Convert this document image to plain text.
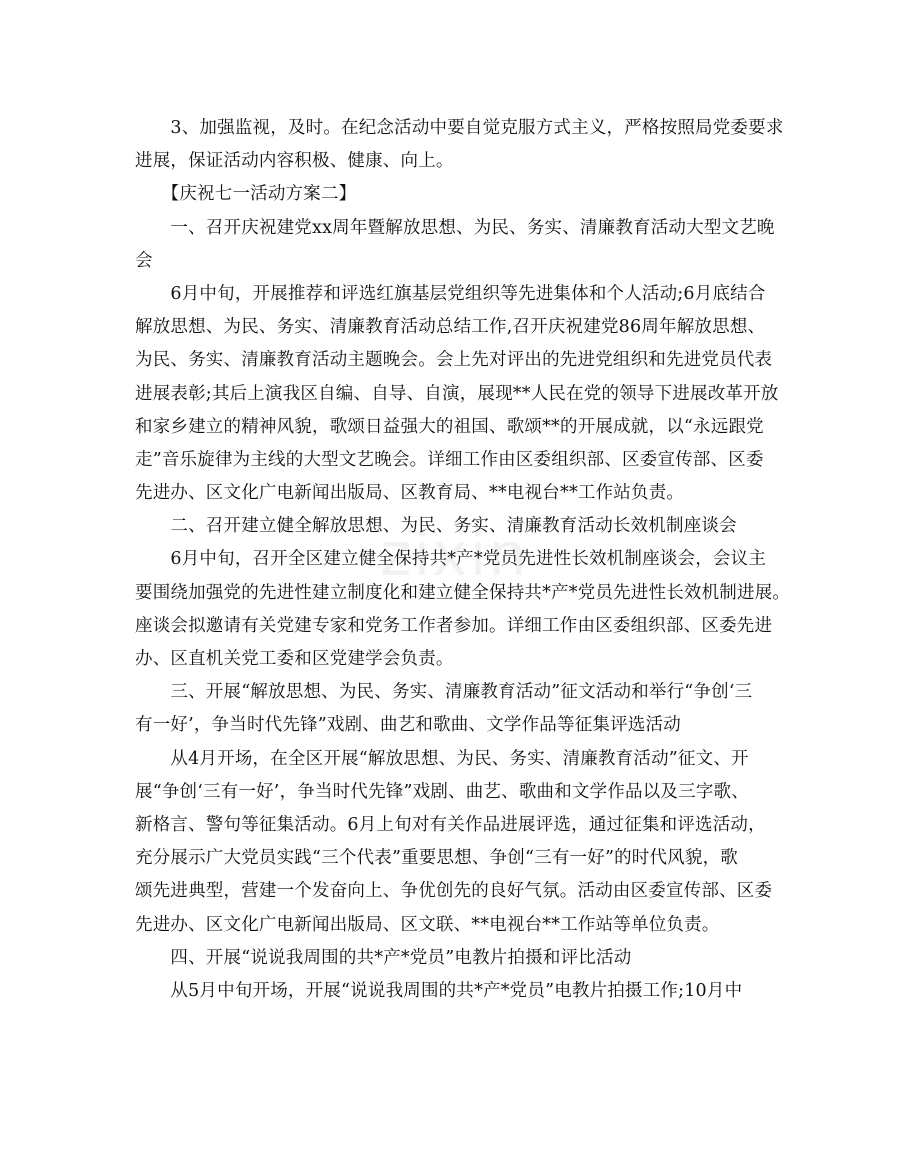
zixin
　　3、加强监视，及时。在纪念活动中要自觉克服方式主义，严格按照局党委要求
进展，保证活动内容积极、健康、向上。
　　【庆祝七一活动方案二】
　　一、召开庆祝建党xx周年暨解放思想、为民、务实、清廉教育活动大型文艺晚
会
　　6月中旬，开展推荐和评选红旗基层党组织等先进集体和个人活动;6月底结合
解放思想、为民、务实、清廉教育活动总结工作,召开庆祝建党86周年解放思想、
为民、务实、清廉教育活动主题晚会。会上先对评出的先进党组织和先进党员代表
进展表彰;其后上演我区自编、自导、自演，展现**人民在党的领导下进展改革开放
和家乡建立的精神风貌，歌颂日益强大的祖国、歌颂**的开展成就，以“永远跟党
走”音乐旋律为主线的大型文艺晚会。详细工作由区委组织部、区委宣传部、区委
先进办、区文化广电新闻出版局、区教育局、**电视台**工作站负责。
　　二、召开建立健全解放思想、为民、务实、清廉教育活动长效机制座谈会
　　6月中旬，召开全区建立健全保持共*产*党员先进性长效机制座谈会，会议主
要围绕加强党的先进性建立制度化和建立健全保持共*产*党员先进性长效机制进展。
座谈会拟邀请有关党建专家和党务工作者参加。详细工作由区委组织部、区委先进
办、区直机关党工委和区党建学会负责。
　　三、开展“解放思想、为民、务实、清廉教育活动”征文活动和举行“争创‘三
有一好’，争当时代先锋”戏剧、曲艺和歌曲、文学作品等征集评选活动
　　从4月开场，在全区开展“解放思想、为民、务实、清廉教育活动”征文、开
展“争创‘三有一好’，争当时代先锋”戏剧、曲艺、歌曲和文学作品以及三字歌、
新格言、警句等征集活动。6月上旬对有关作品进展评选，通过征集和评选活动，
充分展示广大党员实践“三个代表”重要思想、争创“三有一好”的时代风貌，歌
颂先进典型，营建一个发奋向上、争优创先的良好气氛。活动由区委宣传部、区委
先进办、区文化广电新闻出版局、区文联、**电视台**工作站等单位负责。
　　四、开展“说说我周围的共*产*党员”电教片拍摄和评比活动
　　从5月中旬开场，开展“说说我周围的共*产*党员”电教片拍摄工作;10月中
